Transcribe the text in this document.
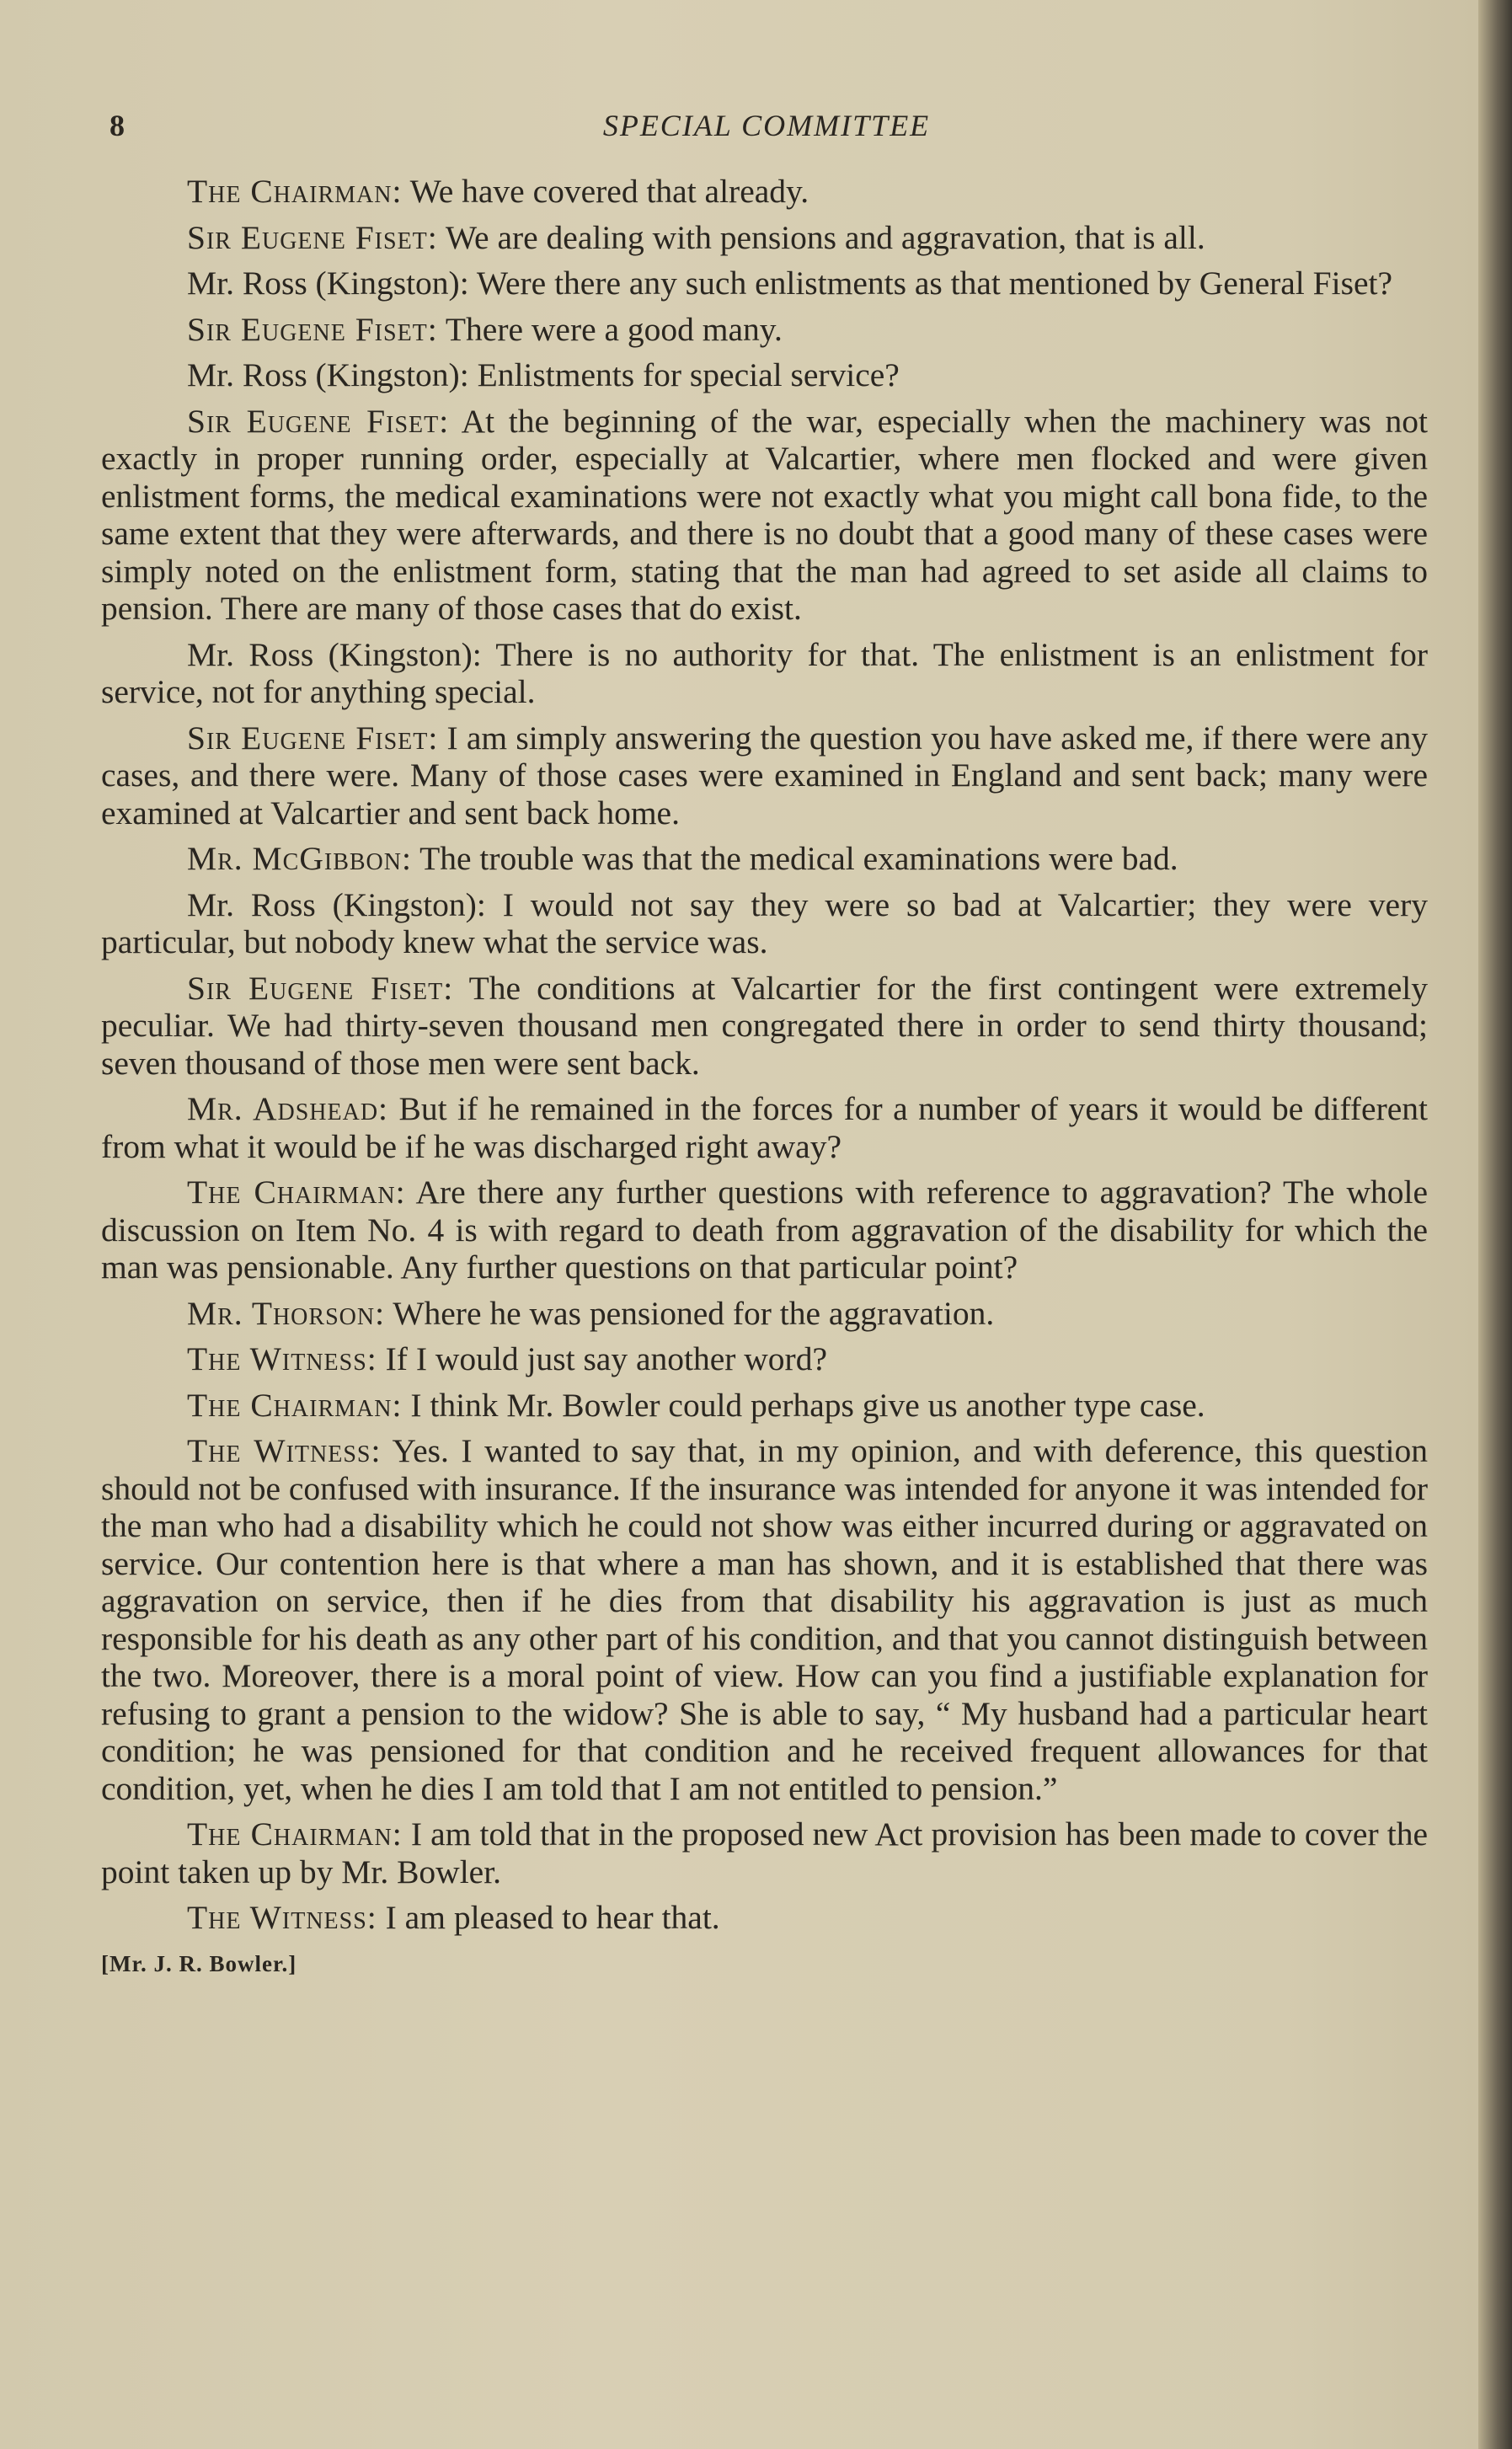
8	SPECIAL COMMITTEE

The Chairman: We have covered that already.

Sir Eugene Fiset: We are dealing with pensions and aggravation, that is all.

Mr. Ross (Kingston): Were there any such enlistments as that mentioned by General Fiset?

Sir Eugene Fiset: There were a good many.

Mr. Ross (Kingston): Enlistments for special service?

Sir Eugene Fiset: At the beginning of the war, especially when the machinery was not exactly in proper running order, especially at Valcartier, where men flocked and were given enlistment forms, the medical examinations were not exactly what you might call bona fide, to the same extent that they were afterwards, and there is no doubt that a good many of these cases were simply noted on the enlistment form, stating that the man had agreed to set aside all claims to pension. There are many of those cases that do exist.

Mr. Ross (Kingston): There is no authority for that. The enlistment is an enlistment for service, not for anything special.

Sir Eugene Fiset: I am simply answering the question you have asked me, if there were any cases, and there were. Many of those cases were examined in England and sent back; many were examined at Valcartier and sent back home.

Mr. McGibbon: The trouble was that the medical examinations were bad.

Mr. Ross (Kingston): I would not say they were so bad at Valcartier; they were very particular, but nobody knew what the service was.

Sir Eugene Fiset: The conditions at Valcartier for the first contingent were extremely peculiar. We had thirty-seven thousand men congregated there in order to send thirty thousand; seven thousand of those men were sent back.

Mr. Adshead: But if he remained in the forces for a number of years it would be different from what it would be if he was discharged right away?

The Chairman: Are there any further questions with reference to aggravation? The whole discussion on Item No. 4 is with regard to death from aggravation of the disability for which the man was pensionable. Any further questions on that particular point?

Mr. Thorson: Where he was pensioned for the aggravation.

The Witness: If I would just say another word?

The Chairman: I think Mr. Bowler could perhaps give us another type case.

The Witness: Yes. I wanted to say that, in my opinion, and with deference, this question should not be confused with insurance. If the insurance was intended for anyone it was intended for the man who had a disability which he could not show was either incurred during or aggravated on service. Our contention here is that where a man has shown, and it is established that there was aggravation on service, then if he dies from that disability his aggravation is just as much responsible for his death as any other part of his condition, and that you cannot distinguish between the two. Moreover, there is a moral point of view. How can you find a justifiable explanation for refusing to grant a pension to the widow? She is able to say, “ My husband had a particular heart condition; he was pensioned for that condition and he received frequent allowances for that condition, yet, when he dies I am told that I am not entitled to pension.”

The Chairman: I am told that in the proposed new Act provision has been made to cover the point taken up by Mr. Bowler.

The Witness: I am pleased to hear that.

[Mr. J. R. Bowler.]
